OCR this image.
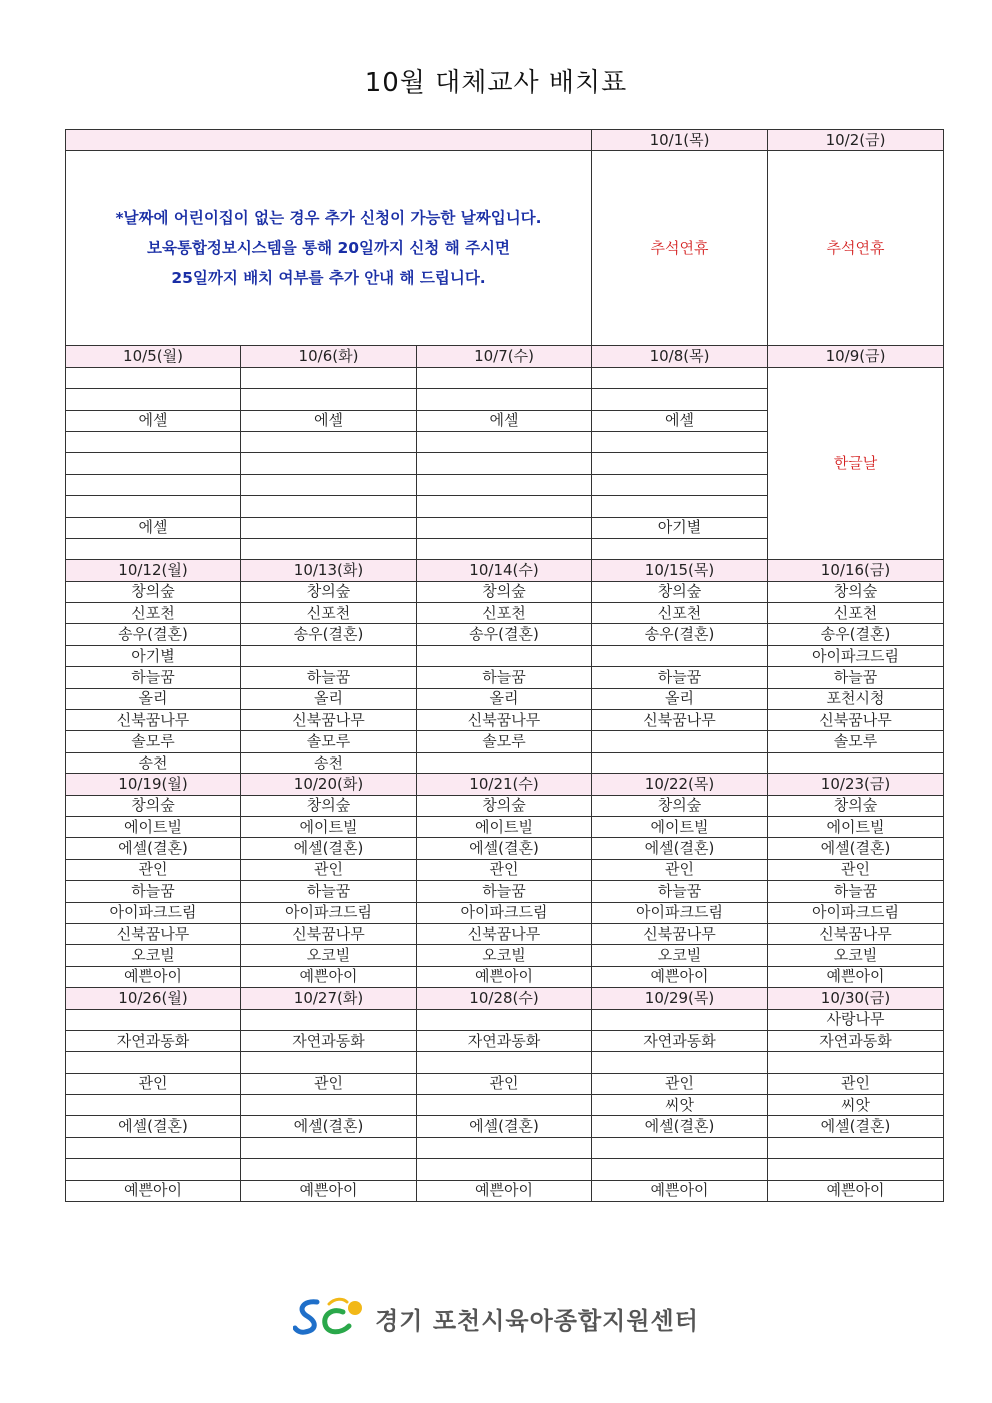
10월 대체교사 배치표
			10/1(목)	10/2(금)

*날짜에 어린이집이 없는 경우 추가 신청이 가능한 날짜입니다.
보육통합정보시스템을 통해 20일까지 신청 해 주시면
25일까지 배치 여부를 추가 안내 해 드립니다.			추석연휴	추석연휴
10/5(월)	10/6(화)	10/7(수)	10/8(목)	10/9(금)
				한글날

에셀	에셀	에셀	에셀	

에셀			아기별	

10/12(월)	10/13(화)	10/14(수)	10/15(목)	10/16(금)
창의숲	창의숲	창의숲	창의숲	창의숲
신포천	신포천	신포천	신포천	신포천
송우(결혼)	송우(결혼)	송우(결혼)	송우(결혼)	송우(결혼)
아기별				아이파크드림
하늘꿈	하늘꿈	하늘꿈	하늘꿈	하늘꿈
올리	올리	올리	올리	포천시청
신북꿈나무	신북꿈나무	신북꿈나무	신북꿈나무	신북꿈나무
솔모루	솔모루	솔모루		솔모루
송천	송천			
10/19(월)	10/20(화)	10/21(수)	10/22(목)	10/23(금)
창의숲	창의숲	창의숲	창의숲	창의숲
에이트빌	에이트빌	에이트빌	에이트빌	에이트빌
에셀(결혼)	에셀(결혼)	에셀(결혼)	에셀(결혼)	에셀(결혼)
관인	관인	관인	관인	관인
하늘꿈	하늘꿈	하늘꿈	하늘꿈	하늘꿈
아이파크드림	아이파크드림	아이파크드림	아이파크드림	아이파크드림
신북꿈나무	신북꿈나무	신북꿈나무	신북꿈나무	신북꿈나무
오코빌	오코빌	오코빌	오코빌	오코빌
예쁜아이	예쁜아이	예쁜아이	예쁜아이	예쁜아이
10/26(월)	10/27(화)	10/28(수)	10/29(목)	10/30(금)
				사랑나무
자연과동화	자연과동화	자연과동화	자연과동화	자연과동화

관인	관인	관인	관인	관인
			씨앗	씨앗
에셀(결혼)	에셀(결혼)	에셀(결혼)	에셀(결혼)	에셀(결혼)

예쁜아이	예쁜아이	예쁜아이	예쁜아이	예쁜아이
경기 포천시육아종합지원센터
